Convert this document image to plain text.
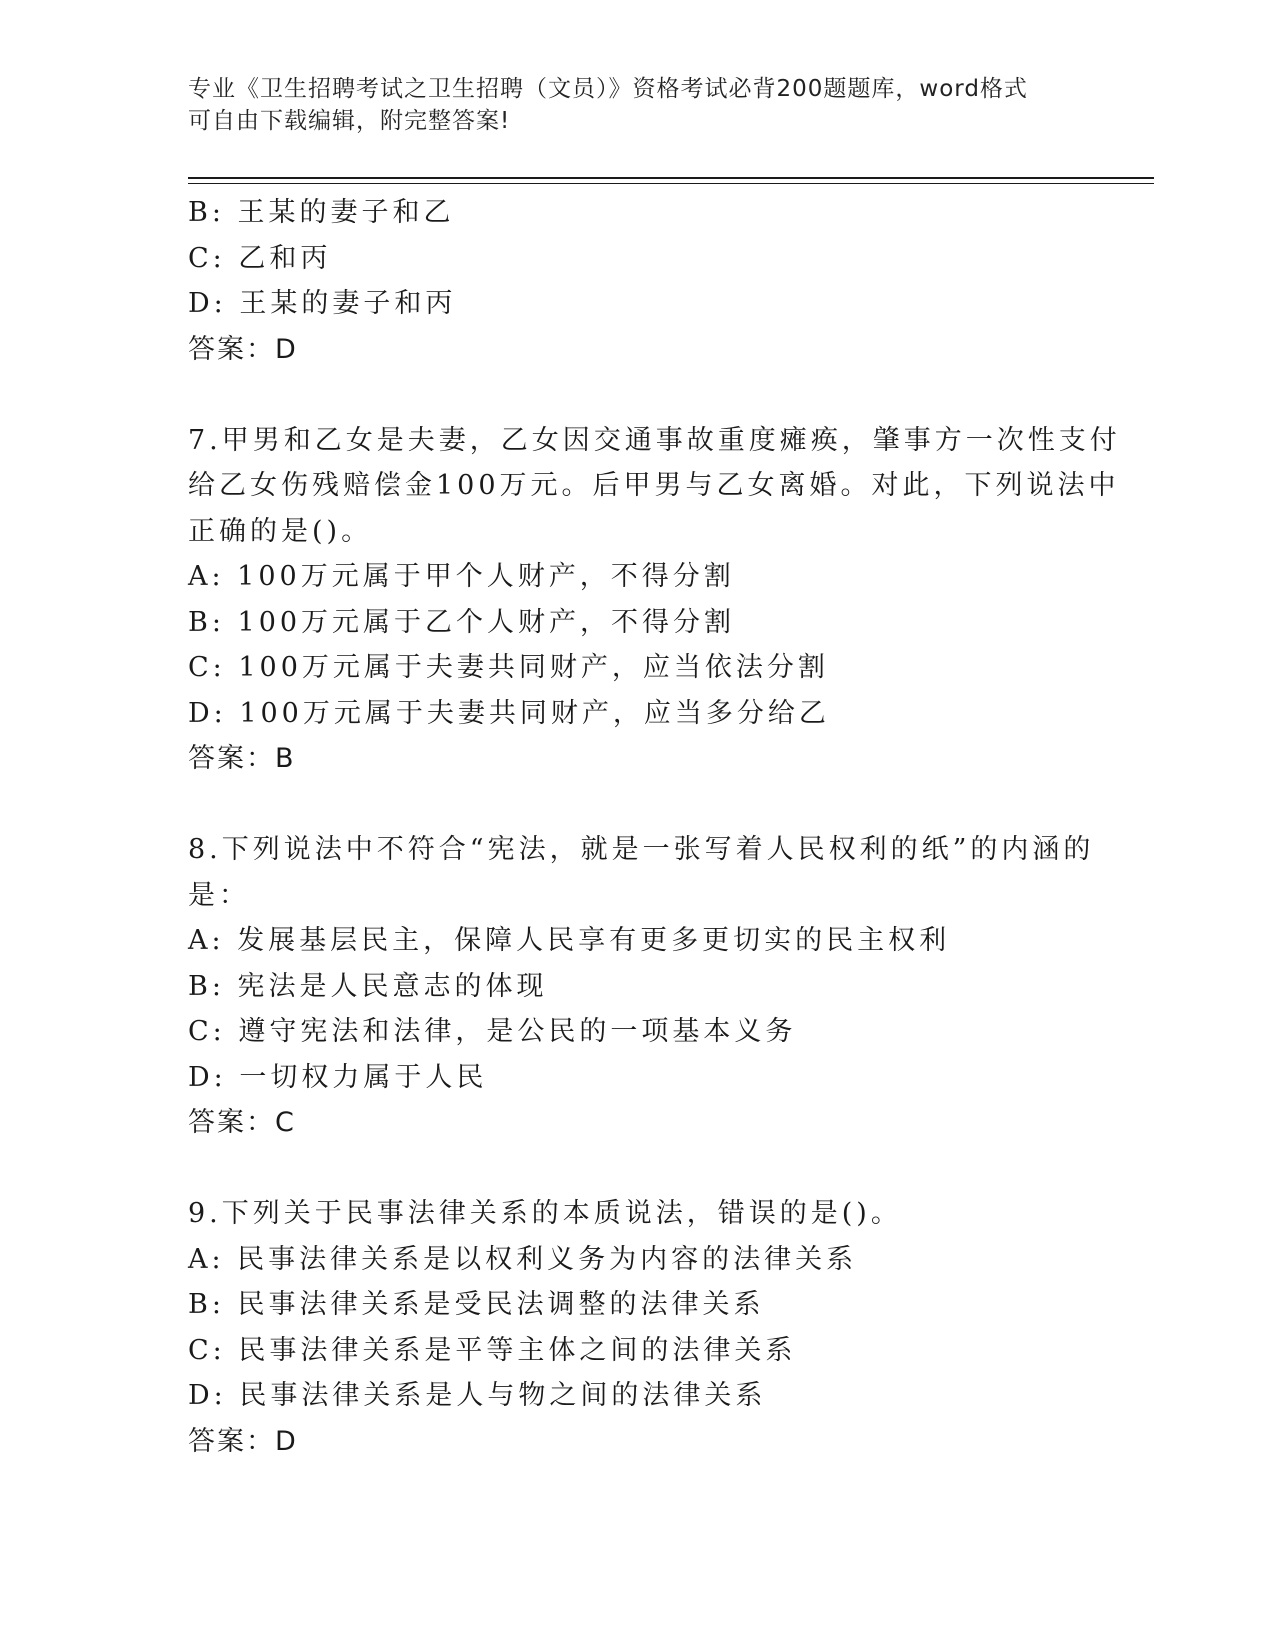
专业《卫生招聘考试之卫生招聘（文员）》资格考试必背200题题库，word格式
可自由下载编辑，附完整答案!
B: 王某的妻子和乙
C: 乙和丙
D: 王某的妻子和丙
答案：D
7.甲男和乙女是夫妻，乙女因交通事故重度瘫痪，肇事方一次性支付
给乙女伤残赔偿金100万元。后甲男与乙女离婚。对此，下列说法中
正确的是()。
A: 100万元属于甲个人财产，不得分割
B: 100万元属于乙个人财产，不得分割
C: 100万元属于夫妻共同财产，应当依法分割
D: 100万元属于夫妻共同财产，应当多分给乙
答案：B
8.下列说法中不符合“宪法，就是一张写着人民权利的纸”的内涵的
是：
A: 发展基层民主，保障人民享有更多更切实的民主权利
B: 宪法是人民意志的体现
C: 遵守宪法和法律，是公民的一项基本义务
D: 一切权力属于人民
答案：C
9.下列关于民事法律关系的本质说法，错误的是()。
A: 民事法律关系是以权利义务为内容的法律关系
B: 民事法律关系是受民法调整的法律关系
C: 民事法律关系是平等主体之间的法律关系
D: 民事法律关系是人与物之间的法律关系
答案：D
